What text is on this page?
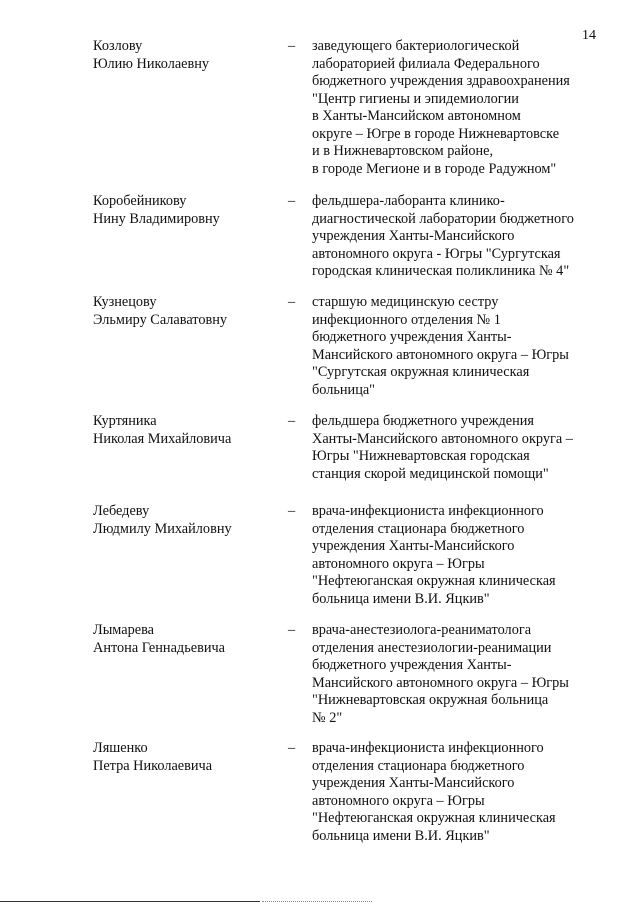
14
Козлову
Юлию Николаевну
– заведующего бактериологической
лабораторией филиала Федерального
бюджетного учреждения здравоохранения
"Центр гигиены и эпидемиологии
в Ханты-Мансийском автономном
округе – Югре в городе Нижневартовске
и в Нижневартовском районе,
в городе Мегионе и в городе Радужном"
Коробейникову
Нину Владимировну
– фельдшера-лаборанта клинико-
диагностической лаборатории бюджетного
учреждения Ханты-Мансийского
автономного округа - Югры "Сургутская
городская клиническая поликлиника № 4"
Кузнецову
Эльмиру Салаватовну
– старшую медицинскую сестру
инфекционного отделения № 1
бюджетного учреждения Ханты-
Мансийского автономного округа – Югры
"Сургутская окружная клиническая
больница"
Куртяника
Николая Михайловича
– фельдшера бюджетного учреждения
Ханты-Мансийского автономного округа –
Югры "Нижневартовская городская
станция скорой медицинской помощи"
Лебедеву
Людмилу Михайловну
– врача-инфекциониста инфекционного
отделения стационара бюджетного
учреждения Ханты-Мансийского
автономного округа – Югры
"Нефтеюганская окружная клиническая
больница имени В.И. Яцкив"
Лымарева
Антона Геннадьевича
– врача-анестезиолога-реаниматолога
отделения анестезиологии-реанимации
бюджетного учреждения Ханты-
Мансийского автономного округа – Югры
"Нижневартовская окружная больница
№ 2"
Ляшенко
Петра Николаевича
– врача-инфекциониста инфекционного
отделения стационара бюджетного
учреждения Ханты-Мансийского
автономного округа – Югры
"Нефтеюганская окружная клиническая
больница имени В.И. Яцкив"
